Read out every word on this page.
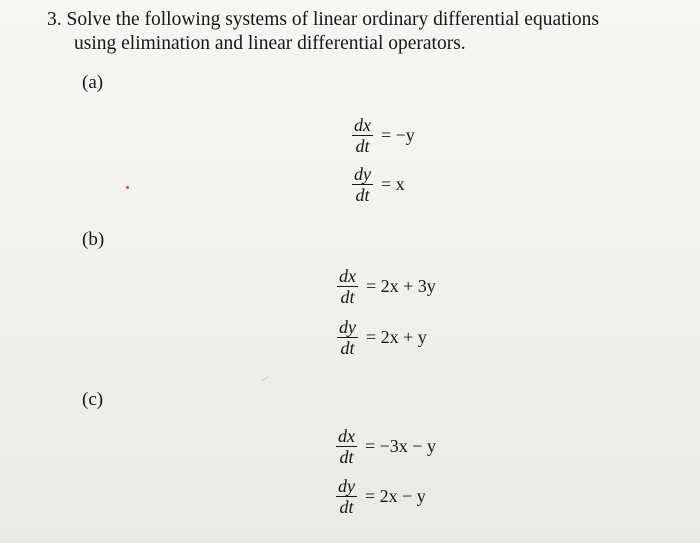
3. Solve the following systems of linear ordinary differential equations
using elimination and linear differential operators.
(a)
$\frac{dx}{dt} = -y$
$\frac{dy}{dt} = x$
(b)
$\frac{dx}{dt} = 2x + 3y$
$\frac{dy}{dt} = 2x + y$
(c)
$\frac{dx}{dt} = -3x - y$
$\frac{dy}{dt} = 2x - y$
